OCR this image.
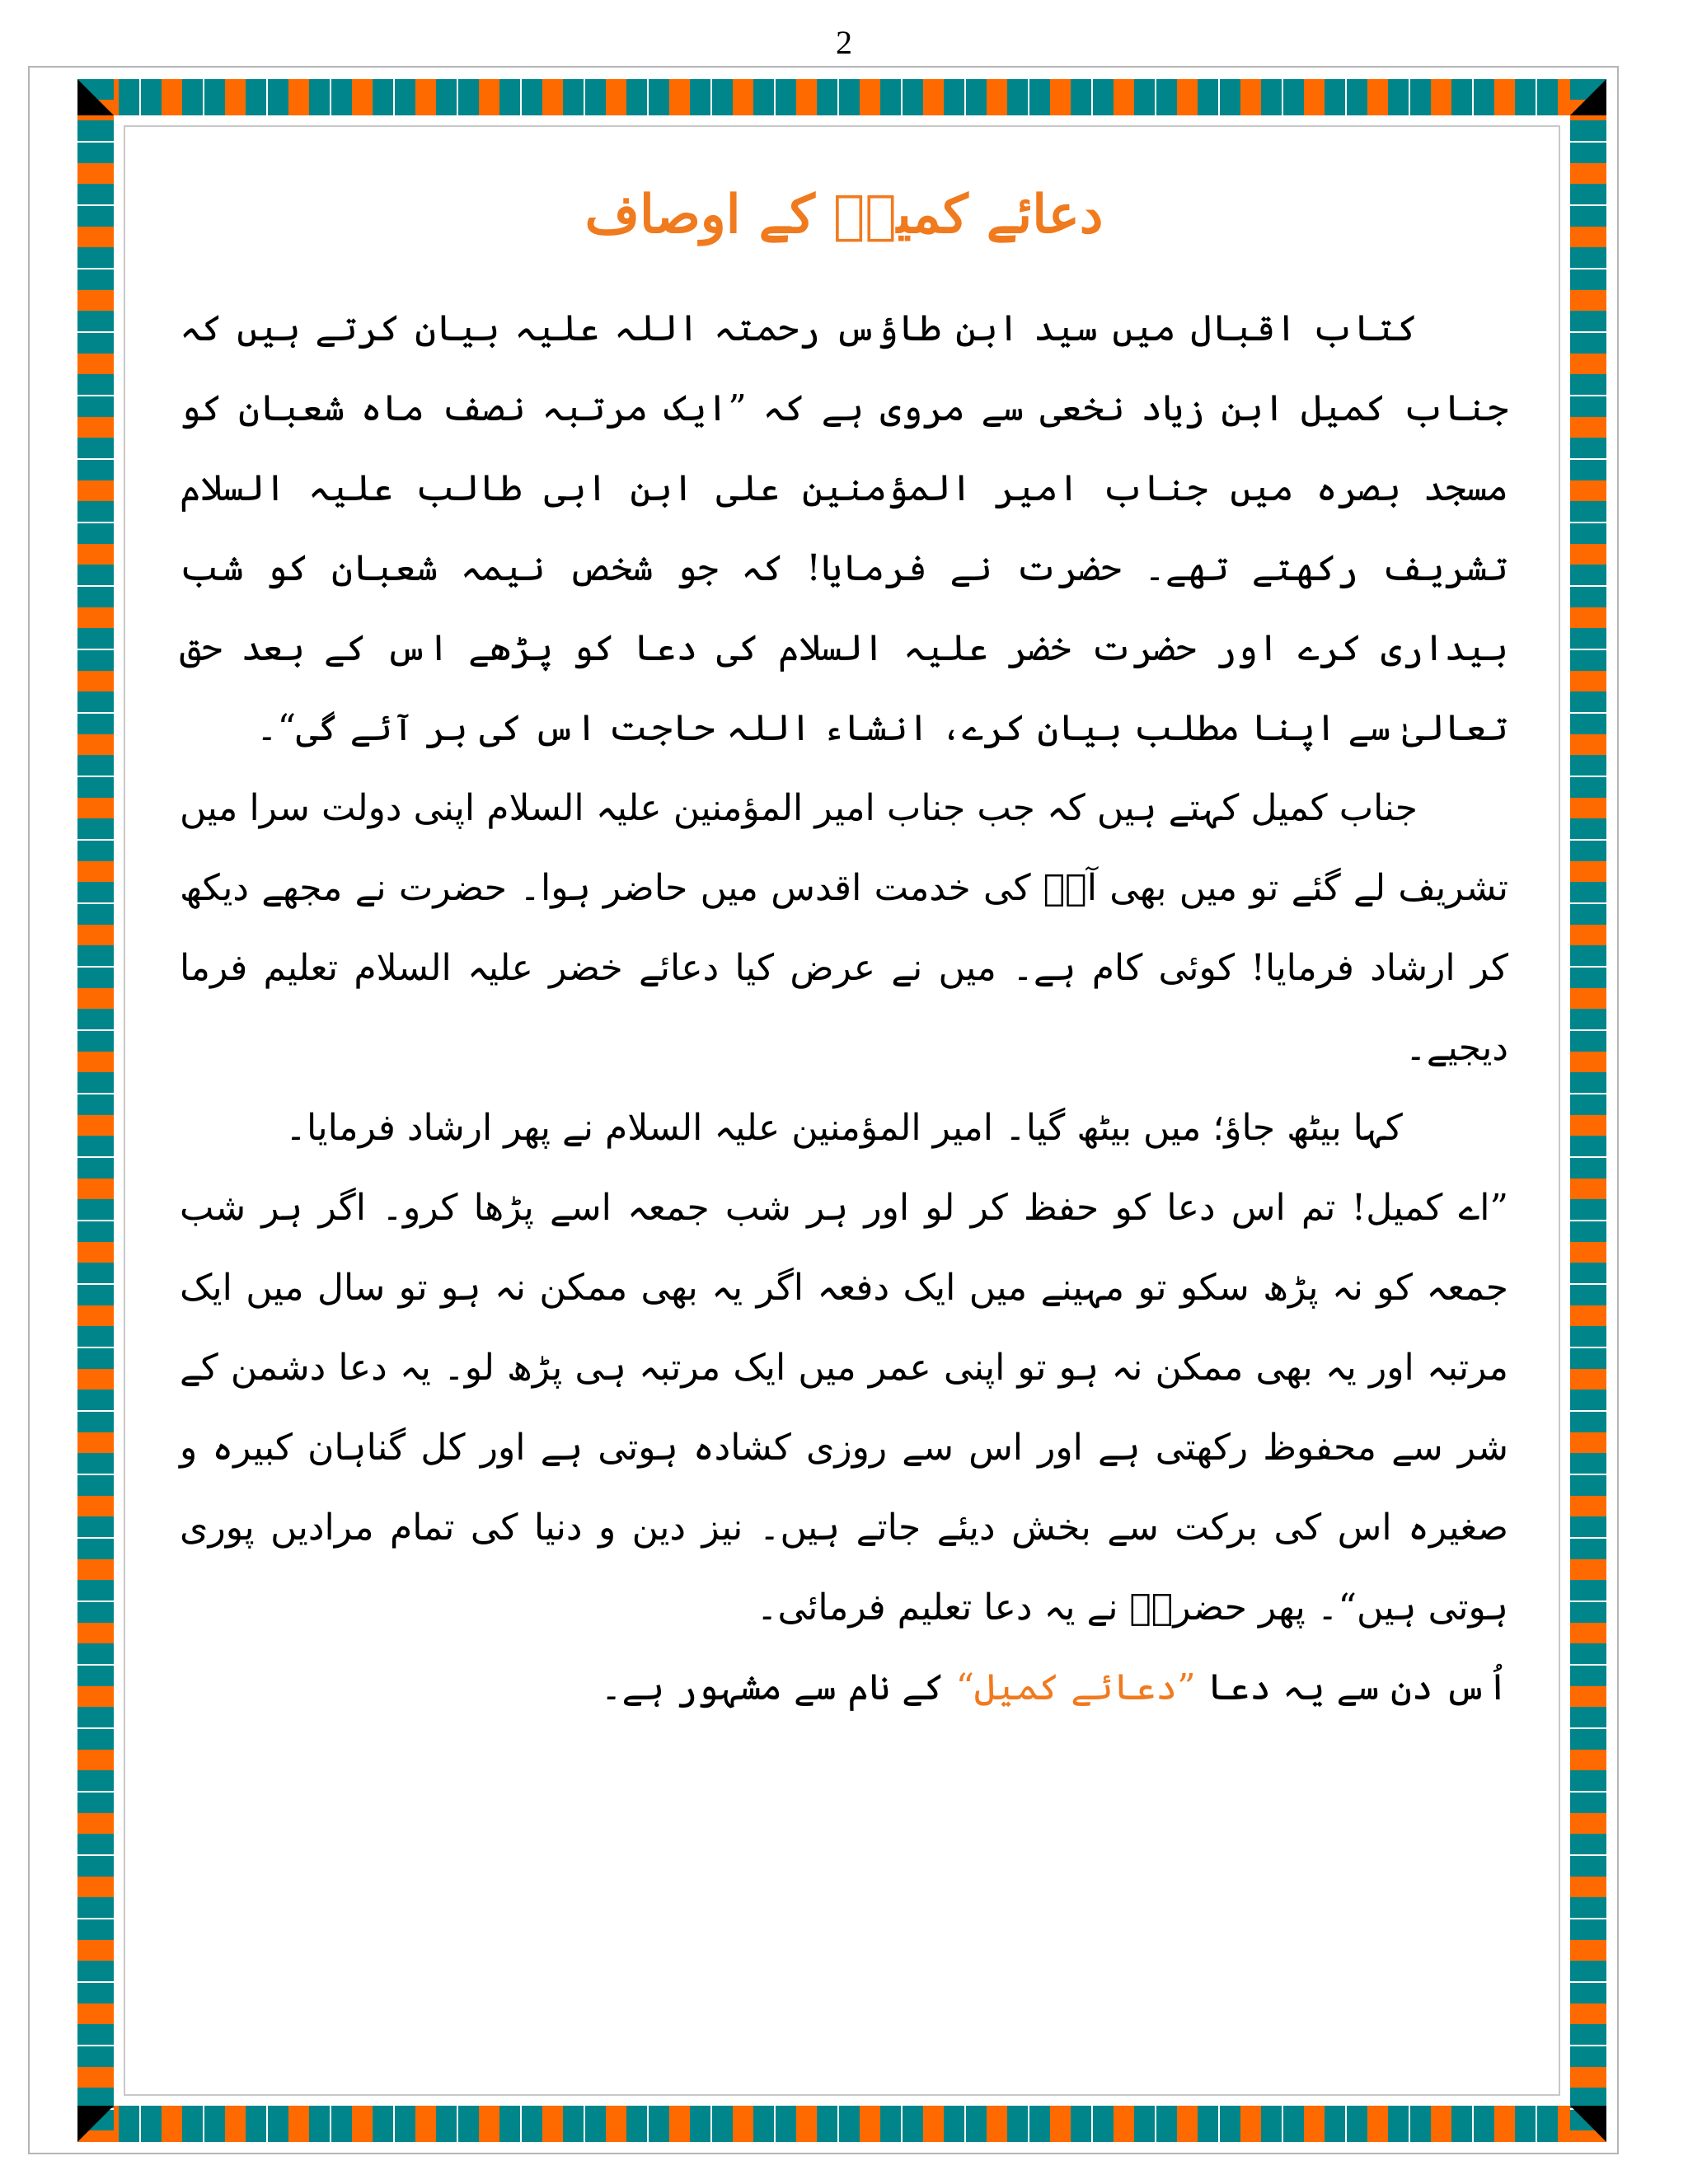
2
دعائے کمیلؒ کے اوصاف

کتاب اقبال میں سید ابن طاؤس رحمتہ اللہ علیہ بیان کرتے ہیں کہ جناب کمیل ابن زیاد نخعی سے مروی ہے کہ ”ایک مرتبہ نصف ماہ شعبان کو مسجد بصرہ میں جناب امیر المؤمنین علی ابن ابی طالب علیہ السلام تشریف رکھتے تھے۔ حضرت نے فرمایا! کہ جو شخص نیمہ شعبان کو شب بیداری کرے اور حضرت خضر علیہ السلام کی دعا کو پڑھے اس کے بعد حق تعالیٰ سے اپنا مطلب بیان کرے، انشاء اللہ حاجت اس کی بر آئے گی“۔

جناب کمیل کہتے ہیں کہ جب جناب امیر المؤمنین علیہ السلام اپنی دولت سرا میں تشریف لے گئے تو میں بھی آپؑ کی خدمت اقدس میں حاضر ہوا۔ حضرت نے مجھے دیکھ کر ارشاد فرمایا! کوئی کام ہے۔ میں نے عرض کیا دعائے خضر علیہ السلام تعلیم فرما دیجیے۔

کہا بیٹھ جاؤ؛ میں بیٹھ گیا۔ امیر المؤمنین علیہ السلام نے پھر ارشاد فرمایا۔

”اے کمیل! تم اس دعا کو حفظ کر لو اور ہر شب جمعہ اسے پڑھا کرو۔ اگر ہر شب جمعہ کو نہ پڑھ سکو تو مہینے میں ایک دفعہ اگر یہ بھی ممکن نہ ہو تو سال میں ایک مرتبہ اور یہ بھی ممکن نہ ہو تو اپنی عمر میں ایک مرتبہ ہی پڑھ لو۔ یہ دعا دشمن کے شر سے محفوظ رکھتی ہے اور اس سے روزی کشادہ ہوتی ہے اور کل گناہان کبیرہ و صغیرہ اس کی برکت سے بخش دیئے جاتے ہیں۔ نیز دین و دنیا کی تمام مرادیں پوری ہوتی ہیں“۔ پھر حضرتؑ نے یہ دعا تعلیم فرمائی۔

اُس دن سے یہ دعا ”دعائے کمیل“ کے نام سے مشہور ہے۔
